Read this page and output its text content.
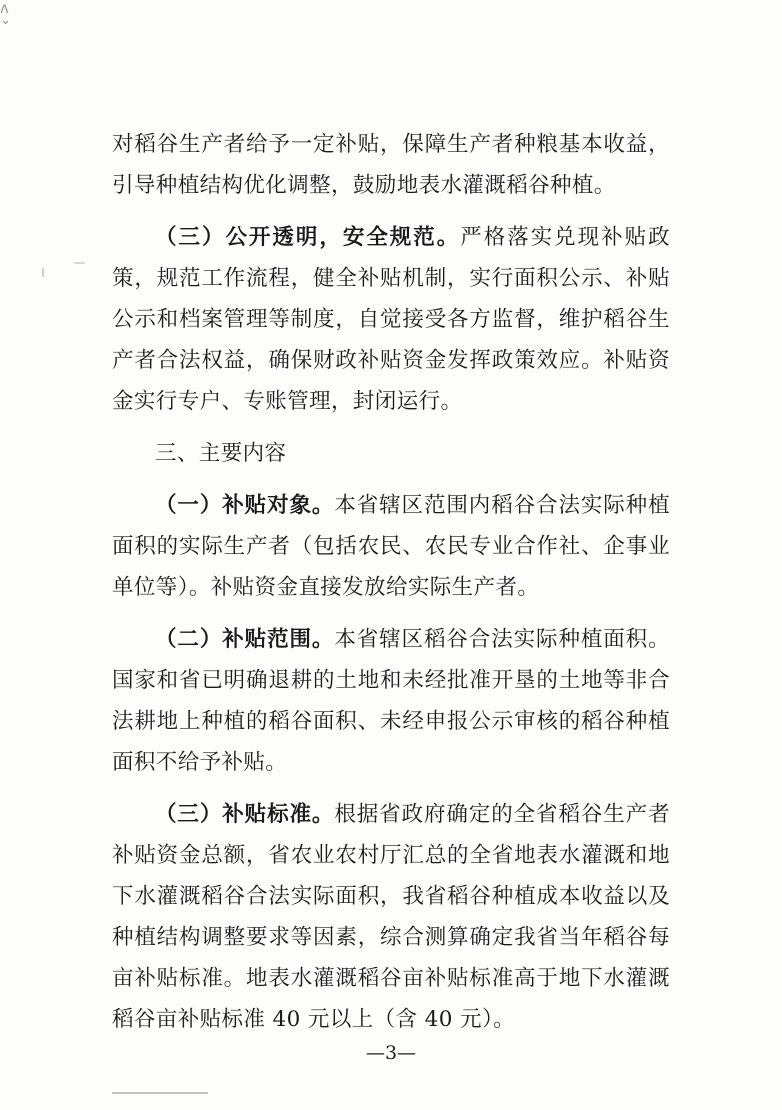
ʌ
⌄

对稻谷生产者给予一定补贴，保障生产者种粮基本收益，引导种植结构优化调整，鼓励地表水灌溉稻谷种植。

（三）公开透明，安全规范。严格落实兑现补贴政策，规范工作流程，健全补贴机制，实行面积公示、补贴公示和档案管理等制度，自觉接受各方监督，维护稻谷生产者合法权益，确保财政补贴资金发挥政策效应。补贴资金实行专户、专账管理，封闭运行。

三、主要内容

（一）补贴对象。本省辖区范围内稻谷合法实际种植面积的实际生产者（包括农民、农民专业合作社、企事业单位等）。补贴资金直接发放给实际生产者。

（二）补贴范围。本省辖区稻谷合法实际种植面积。国家和省已明确退耕的土地和未经批准开垦的土地等非合法耕地上种植的稻谷面积、未经申报公示审核的稻谷种植面积不给予补贴。

（三）补贴标准。根据省政府确定的全省稻谷生产者补贴资金总额，省农业农村厅汇总的全省地表水灌溉和地下水灌溉稻谷合法实际面积，我省稻谷种植成本收益以及种植结构调整要求等因素，综合测算确定我省当年稻谷每亩补贴标准。地表水灌溉稻谷亩补贴标准高于地下水灌溉稻谷亩补贴标准 40 元以上（含 40 元）。

—3—
